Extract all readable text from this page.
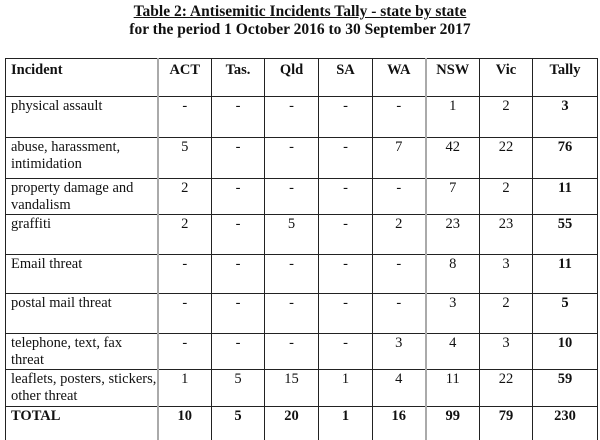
Table 2: Antisemitic Incidents Tally - state by state
for the period 1 October 2016 to 30 September 2017
Incident	ACT	Tas.	Qld	SA	WA	NSW	Vic	Tally
physical assault	-	-	-	-	-	1	2	3
abuse, harassment, intimidation	5	-	-	-	7	42	22	76
property damage and vandalism	2	-	-	-	-	7	2	11
graffiti	2	-	5	-	2	23	23	55
Email threat	-	-	-	-	-	8	3	11
postal mail threat	-	-	-	-	-	3	2	5
telephone, text, fax threat	-	-	-	-	3	4	3	10
leaflets, posters, stickers, other threat	1	5	15	1	4	11	22	59
TOTAL	10	5	20	1	16	99	79	230
